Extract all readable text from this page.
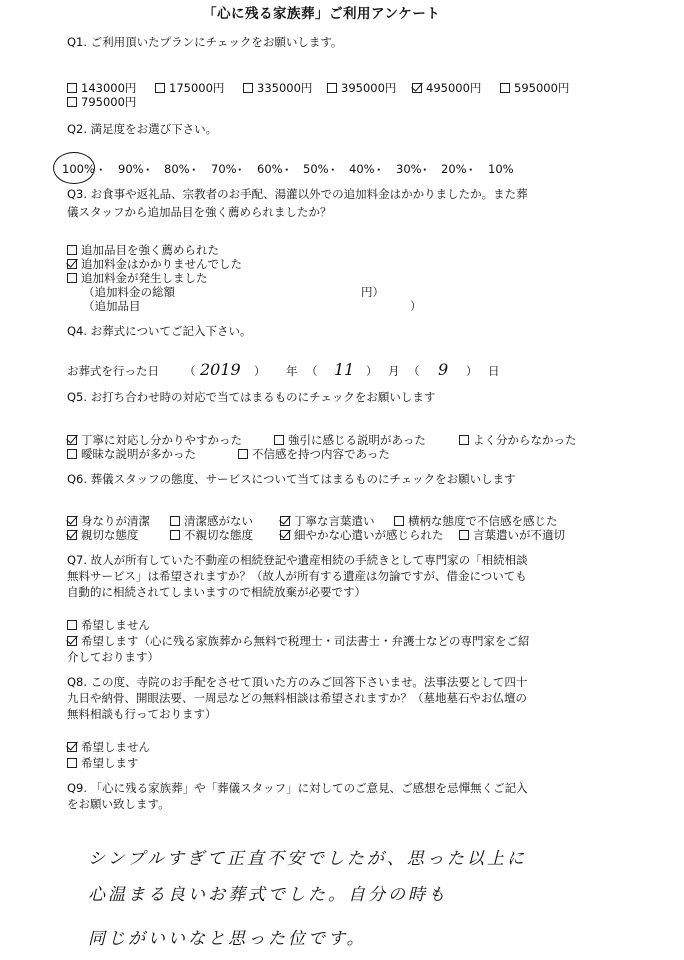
「心に残る家族葬」ご利用アンケート
Q1. ご利用頂いたプランにチェックをお願いします。
143000円	175000円	335000円 395000円	495000円	595000円
795000円
Q2. 満足度をお選び下さい。
100% ・ 90%
・ 80%
・ 70%
・ 60%
・ 50%
・ 40%
・ 30%
・ 20%
・ 10%
Q3. お食事や返礼品、宗教者のお手配、湯灌以外での追加料金はかかりましたか。また葬
儀スタッフから追加品目を強く薦められましたか？
追加品目を強く薦められた
追加料金はかかりませんでした
追加料金が発生しました
（追加料金の総額	円）
（追加品目	）
Q4. お葬式についてご記入下さい。
お葬式を行った日 （ 2019 ） 年 （ 11 ） 月 （ 9 ） 日
Q5. お打ち合わせ時の対応で当てはまるものにチェックをお願いします
丁寧に対応し分かりやすかった	強引に感じる説明があった	よく分からなかった
曖昧な説明が多かった	不信感を持つ内容であった
Q6. 葬儀スタッフの態度、サービスについて当てはまるものにチェックをお願いします
身なりが清潔	清潔感がない	丁寧な言葉遣い	横柄な態度で不信感を感じた
親切な態度	不親切な態度	細やかな心遣いが感じられた	言葉遣いが不適切
Q7. 故人が所有していた不動産の相続登記や遺産相続の手続きとして専門家の「相続相談
無料サービス」は希望されますか？（故人が所有する遺産は勿論ですが、借金についても
自動的に相続されてしまいますので相続放棄が必要です）
希望しません
希望します（心に残る家族葬から無料で税理士・司法書士・弁護士などの専門家をご紹
介しております）
Q8. この度、寺院のお手配をさせて頂いた方のみご回答下さいませ。法事法要として四十
九日や納骨、開眼法要、一周忌などの無料相談は希望されますか？（墓地墓石やお仏壇の
無料相談も行っております）
希望しません
希望します
Q9. 「心に残る家族葬」や「葬儀スタッフ」に対してのご意見、ご感想を忌憚無くご記入
をお願い致します。
シンプルすぎて正直不安でしたが、思った以上に
心温まる良いお葬式でした。自分の時も
同じがいいなと思った位です。
